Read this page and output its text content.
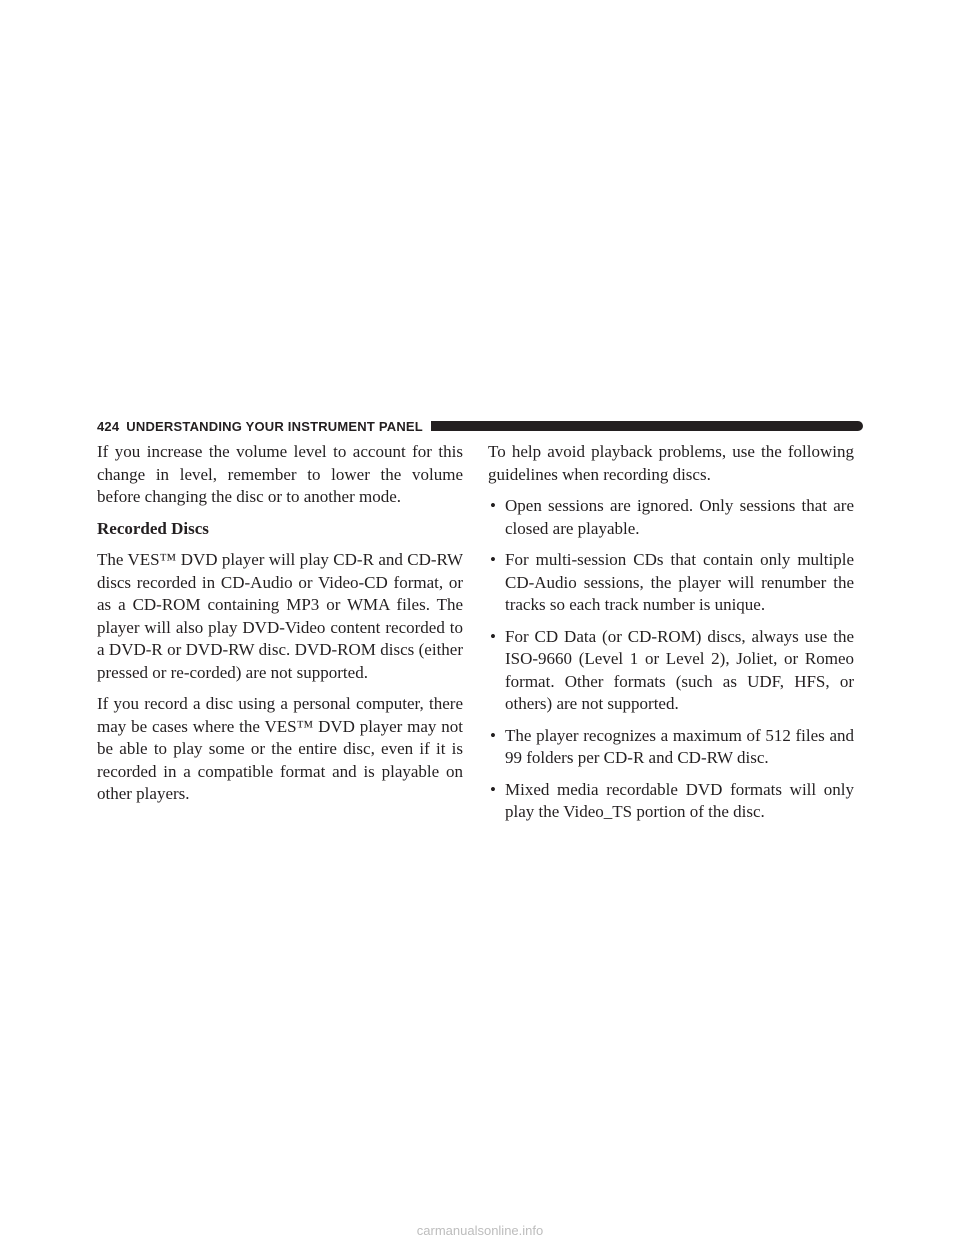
424 UNDERSTANDING YOUR INSTRUMENT PANEL

If you increase the volume level to account for this change in level, remember to lower the volume before changing the disc or to another mode.

Recorded Discs

The VES™ DVD player will play CD-R and CD-RW discs recorded in CD-Audio or Video-CD format, or as a CD-ROM containing MP3 or WMA files. The player will also play DVD-Video content recorded to a DVD-R or DVD-RW disc. DVD-ROM discs (either pressed or re-corded) are not supported.

If you record a disc using a personal computer, there may be cases where the VES™ DVD player may not be able to play some or the entire disc, even if it is recorded in a compatible format and is playable on other players.

To help avoid playback problems, use the following guidelines when recording discs.

• Open sessions are ignored. Only sessions that are closed are playable.
• For multi-session CDs that contain only multiple CD-Audio sessions, the player will renumber the tracks so each track number is unique.
• For CD Data (or CD-ROM) discs, always use the ISO-9660 (Level 1 or Level 2), Joliet, or Romeo format. Other formats (such as UDF, HFS, or others) are not supported.
• The player recognizes a maximum of 512 files and 99 folders per CD-R and CD-RW disc.
• Mixed media recordable DVD formats will only play the Video_TS portion of the disc.
carmanualsonline.info
